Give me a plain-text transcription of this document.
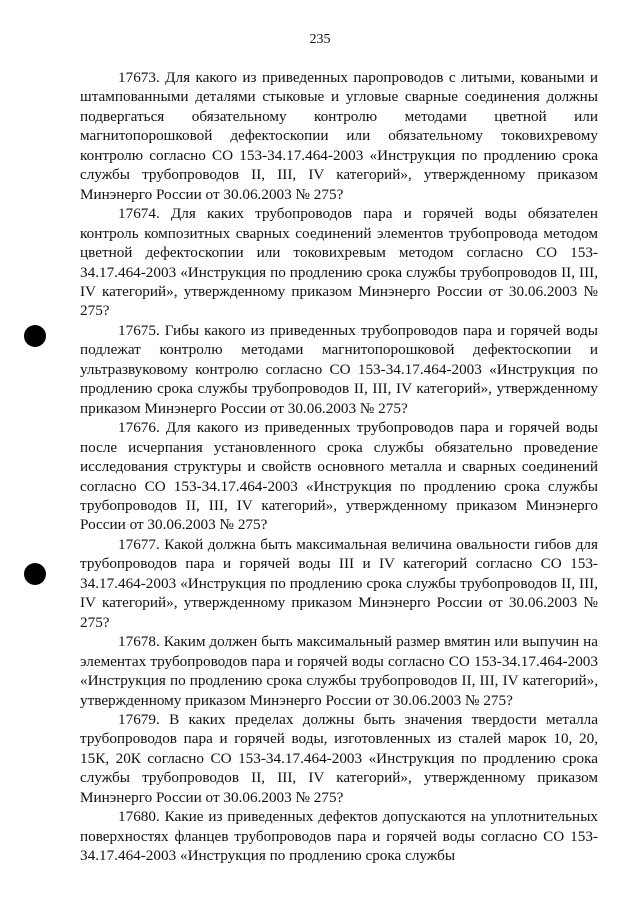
235

17673. Для какого из приведенных паропроводов с литыми, коваными и штампованными деталями стыковые и угловые сварные соединения должны подвергаться обязательному контролю методами цветной или магнитопорошковой дефектоскопии или обязательному токовихревому контролю согласно СО 153-34.17.464-2003 «Инструкция по продлению срока службы трубопроводов II, III, IV категорий», утвержденному приказом Минэнерго России от 30.06.2003 № 275?

17674. Для каких трубопроводов пара и горячей воды обязателен контроль композитных сварных соединений элементов трубопровода методом цветной дефектоскопии или токовихревым методом согласно СО 153-34.17.464-2003 «Инструкция по продлению срока службы трубопроводов II, III, IV категорий», утвержденному приказом Минэнерго России от 30.06.2003 № 275?

17675. Гибы какого из приведенных трубопроводов пара и горячей воды подлежат контролю методами магнитопорошковой дефектоскопии и ультразвуковому контролю согласно СО 153-34.17.464-2003 «Инструкция по продлению срока службы трубопроводов II, III, IV категорий», утвержденному приказом Минэнерго России от 30.06.2003 № 275?

17676. Для какого из приведенных трубопроводов пара и горячей воды после исчерпания установленного срока службы обязательно проведение исследования структуры и свойств основного металла и сварных соединений согласно СО 153-34.17.464-2003 «Инструкция по продлению срока службы трубопроводов II, III, IV категорий», утвержденному приказом Минэнерго России от 30.06.2003 № 275?

17677. Какой должна быть максимальная величина овальности гибов для трубопроводов пара и горячей воды III и IV категорий согласно СО 153-34.17.464-2003 «Инструкция по продлению срока службы трубопроводов II, III, IV категорий», утвержденному приказом Минэнерго России от 30.06.2003 № 275?

17678. Каким должен быть максимальный размер вмятин или выпучин на элементах трубопроводов пара и горячей воды согласно СО 153-34.17.464-2003 «Инструкция по продлению срока службы трубопроводов II, III, IV категорий», утвержденному приказом Минэнерго России от 30.06.2003 № 275?

17679. В каких пределах должны быть значения твердости металла трубопроводов пара и горячей воды, изготовленных из сталей марок 10, 20, 15К, 20К согласно СО 153-34.17.464-2003 «Инструкция по продлению срока службы трубопроводов II, III, IV категорий», утвержденному приказом Минэнерго России от 30.06.2003 № 275?

17680. Какие из приведенных дефектов допускаются на уплотнительных поверхностях фланцев трубопроводов пара и горячей воды согласно СО 153-34.17.464-2003 «Инструкция по продлению срока службы
